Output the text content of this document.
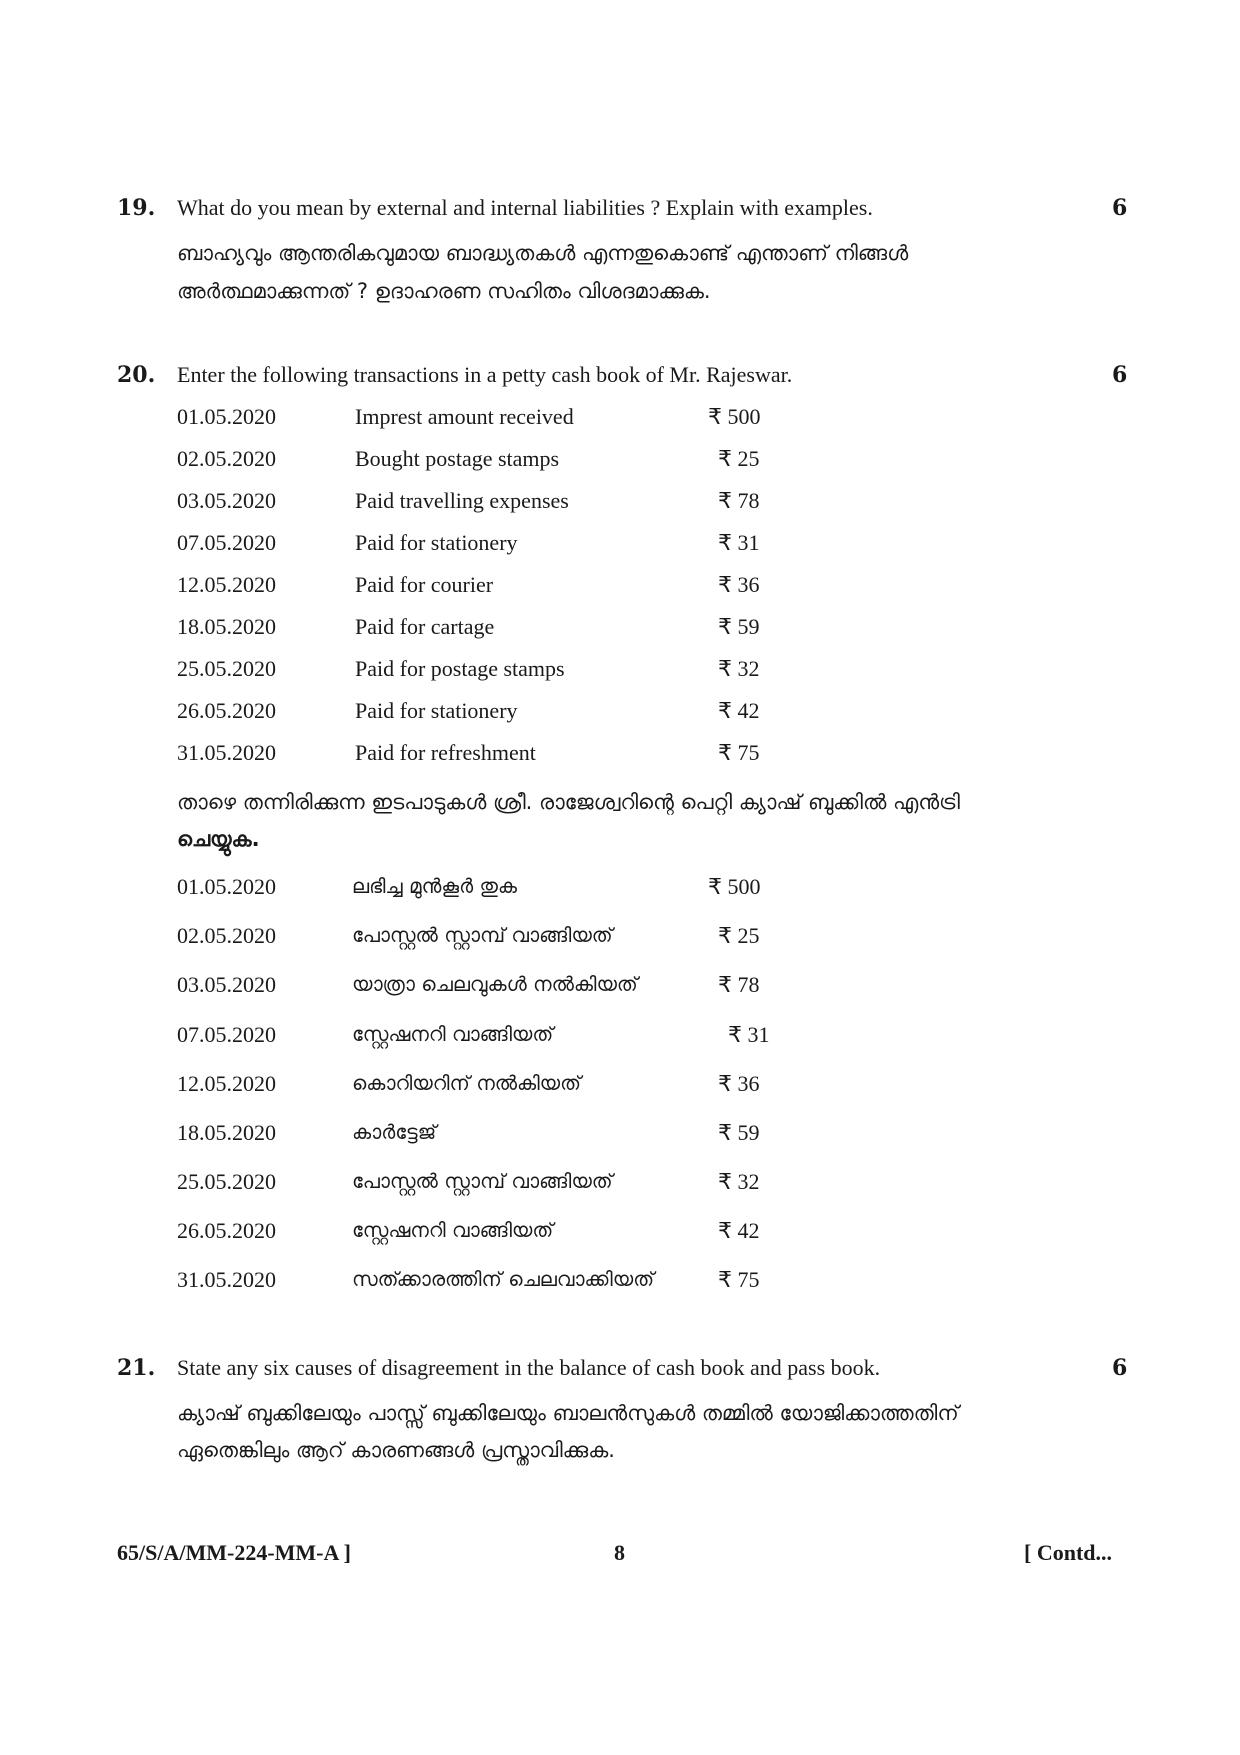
19. What do you mean by external and internal liabilities ? Explain with examples.	6
ബാഹ്യവും ആന്തരികവുമായ ബാദ്ധ്യതകൾ എന്നതുകൊണ്ട് എന്താണ് നിങ്ങൾ
അർത്ഥമാക്കുന്നത് ? ഉദാഹരണ സഹിതം വിശദമാക്കുക.
20. Enter the following transactions in a petty cash book of Mr. Rajeswar.	6
01.05.2020	Imprest amount received	₹ 500
02.05.2020	Bought postage stamps	₹ 25
03.05.2020	Paid travelling expenses	₹ 78
07.05.2020	Paid for stationery	₹ 31
12.05.2020	Paid for courier	₹ 36
18.05.2020	Paid for cartage	₹ 59
25.05.2020	Paid for postage stamps	₹ 32
26.05.2020	Paid for stationery	₹ 42
31.05.2020	Paid for refreshment	₹ 75
താഴെ തന്നിരിക്കുന്ന ഇടപാടുകൾ ശ്രീ. രാജേശ്വറിന്റെ പെറ്റി ക്യാഷ് ബുക്കിൽ എൻട്രി
ചെയ്യുക.
01.05.2020	ലഭിച്ച മുൻകൂർ തുക	₹ 500
02.05.2020	പോസ്റ്റൽ സ്റ്റാമ്പ് വാങ്ങിയത്	₹ 25
03.05.2020	യാത്രാ ചെലവുകൾ നൽകിയത്	₹ 78
07.05.2020	സ്റ്റേഷനറി വാങ്ങിയത്	₹ 31
12.05.2020	കൊറിയറിന് നൽകിയത്	₹ 36
18.05.2020	കാർട്ടേജ്	₹ 59
25.05.2020	പോസ്റ്റൽ സ്റ്റാമ്പ് വാങ്ങിയത്	₹ 32
26.05.2020	സ്റ്റേഷനറി വാങ്ങിയത്	₹ 42
31.05.2020	സത്ക്കാരത്തിന് ചെലവാക്കിയത്	₹ 75
21. State any six causes of disagreement in the balance of cash book and pass book.	6
ക്യാഷ് ബുക്കിലേയും പാസ്സ് ബുക്കിലേയും ബാലൻസുകൾ തമ്മിൽ യോജിക്കാത്തതിന്
ഏതെങ്കിലും ആറ് കാരണങ്ങൾ പ്രസ്താവിക്കുക.
65/S/A/MM-224-MM-A ]	8	[ Contd...
